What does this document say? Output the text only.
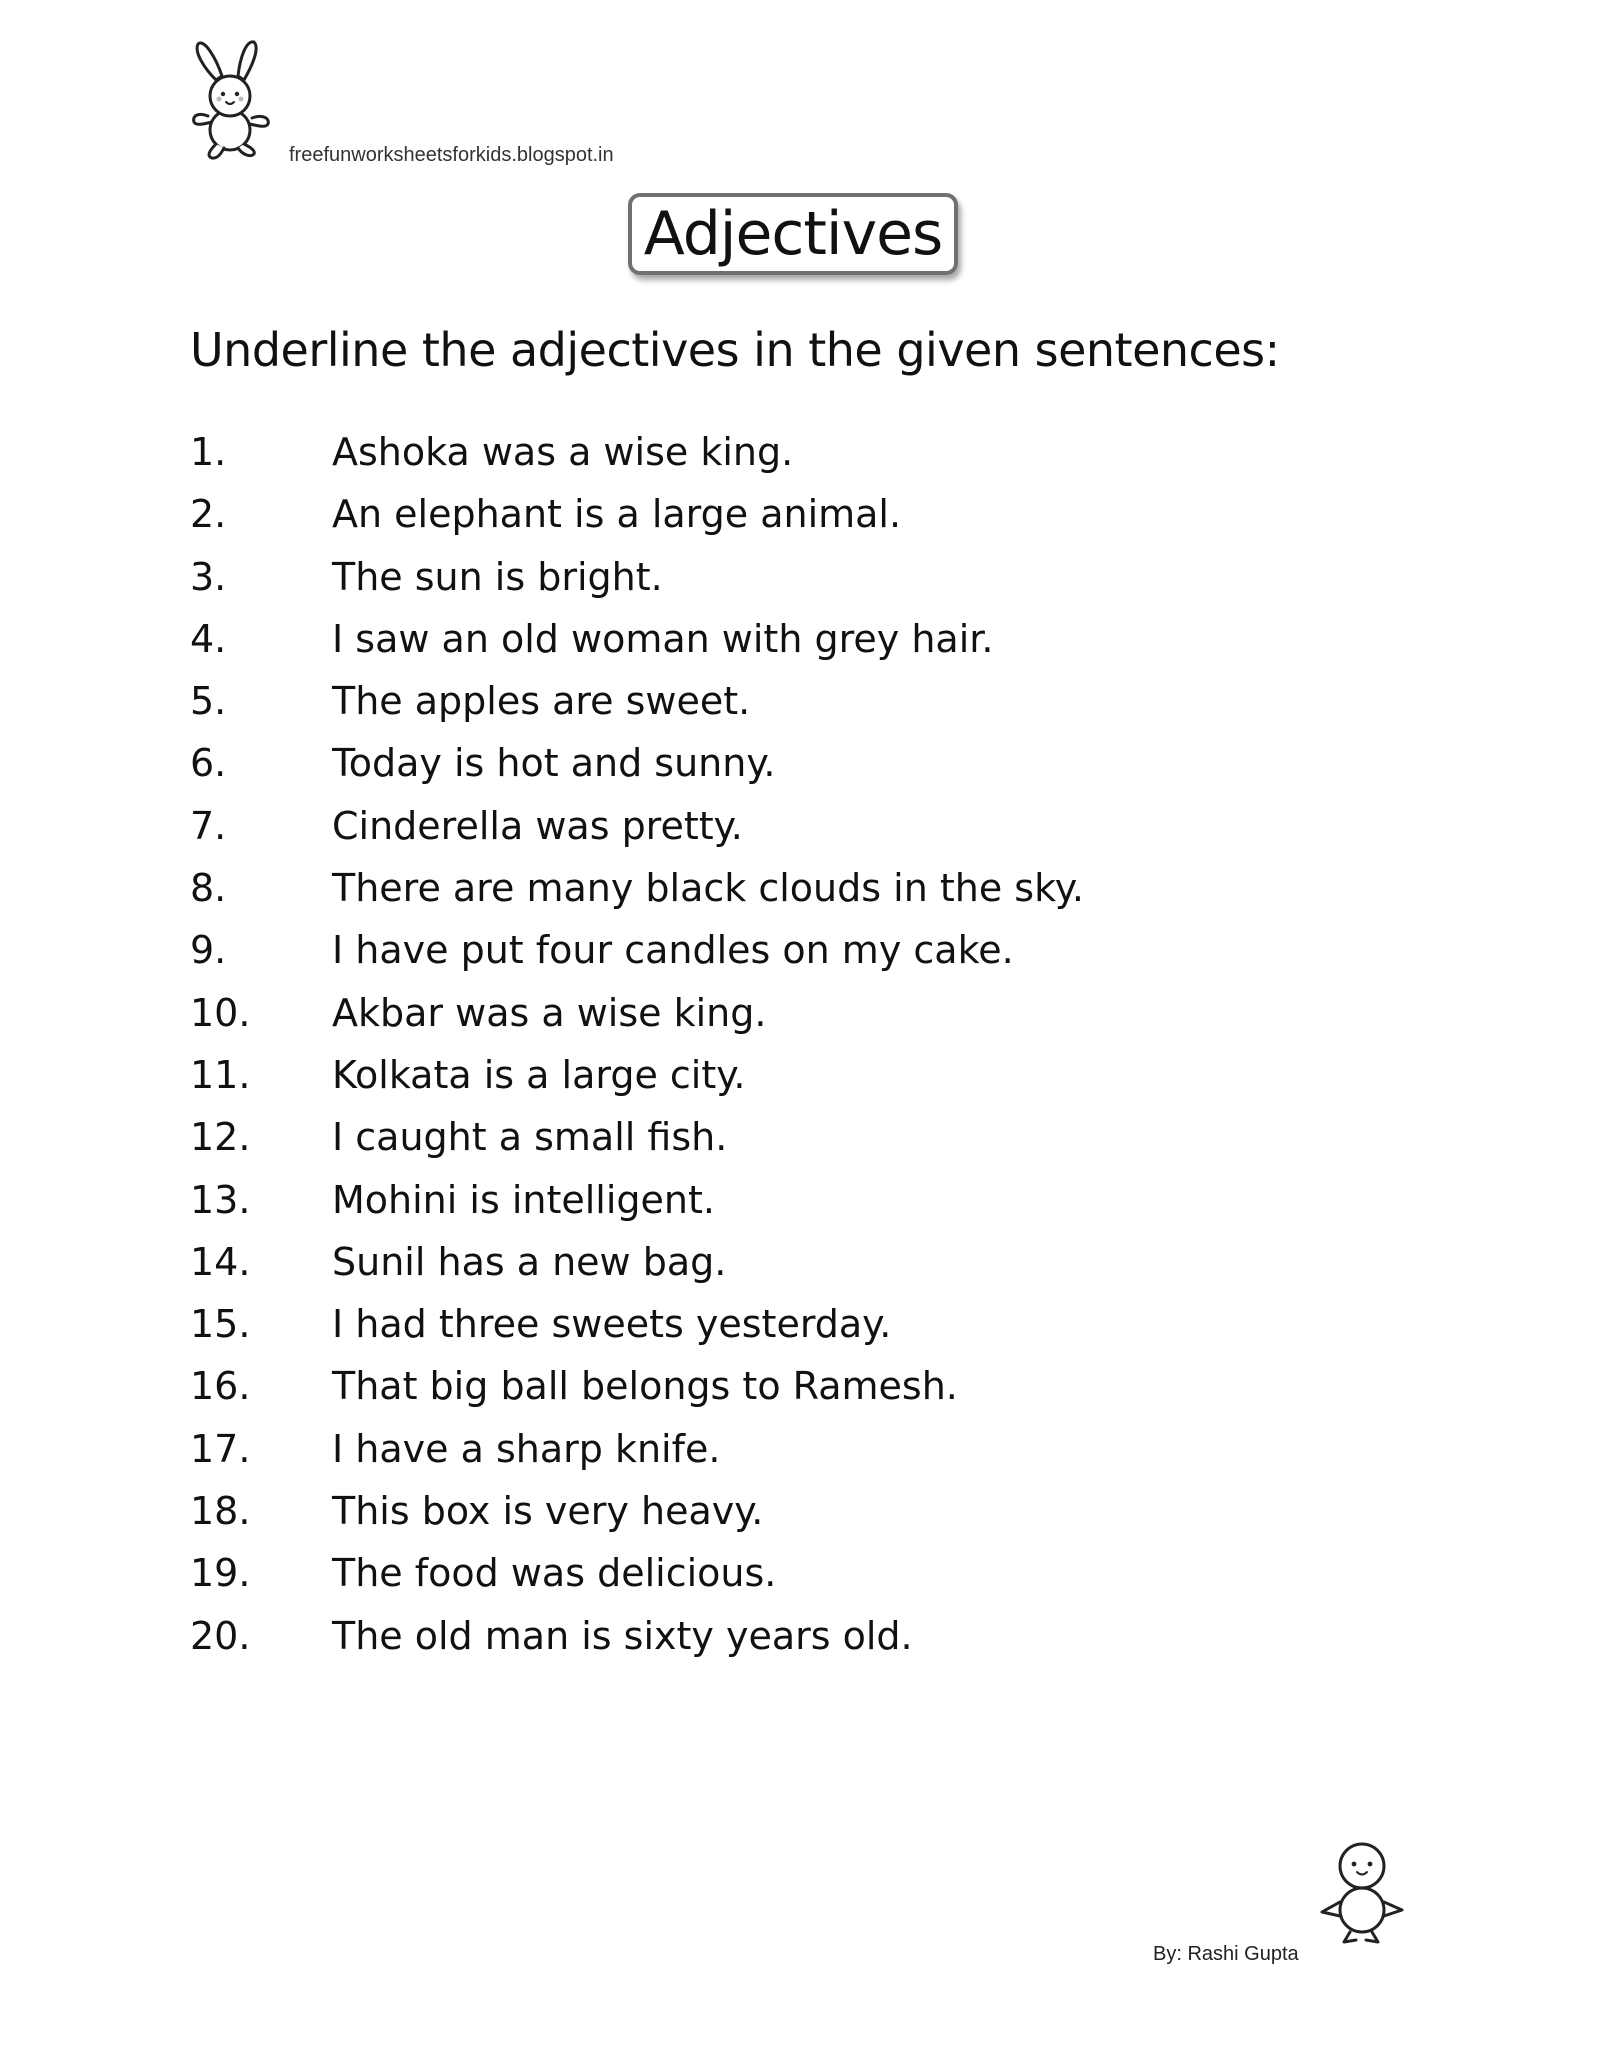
freefunworksheetsforkids.blogspot.in
Adjectives
Underline the adjectives in the given sentences:
1.	Ashoka was a wise king.
2.	An elephant is a large animal.
3.	The sun is bright.
4.	I saw an old woman with grey hair.
5.	The apples are sweet.
6.	Today is hot and sunny.
7.	Cinderella was pretty.
8.	There are many black clouds in the sky.
9.	I have put four candles on my cake.
10.	Akbar was a wise king.
11.	Kolkata is a large city.
12.	I caught a small fish.
13.	Mohini is intelligent.
14.	Sunil has a new bag.
15.	I had three sweets yesterday.
16.	That big ball belongs to Ramesh.
17.	I have a sharp knife.
18.	This box is very heavy.
19.	The food was delicious.
20.	The old man is sixty years old.
By: Rashi Gupta
